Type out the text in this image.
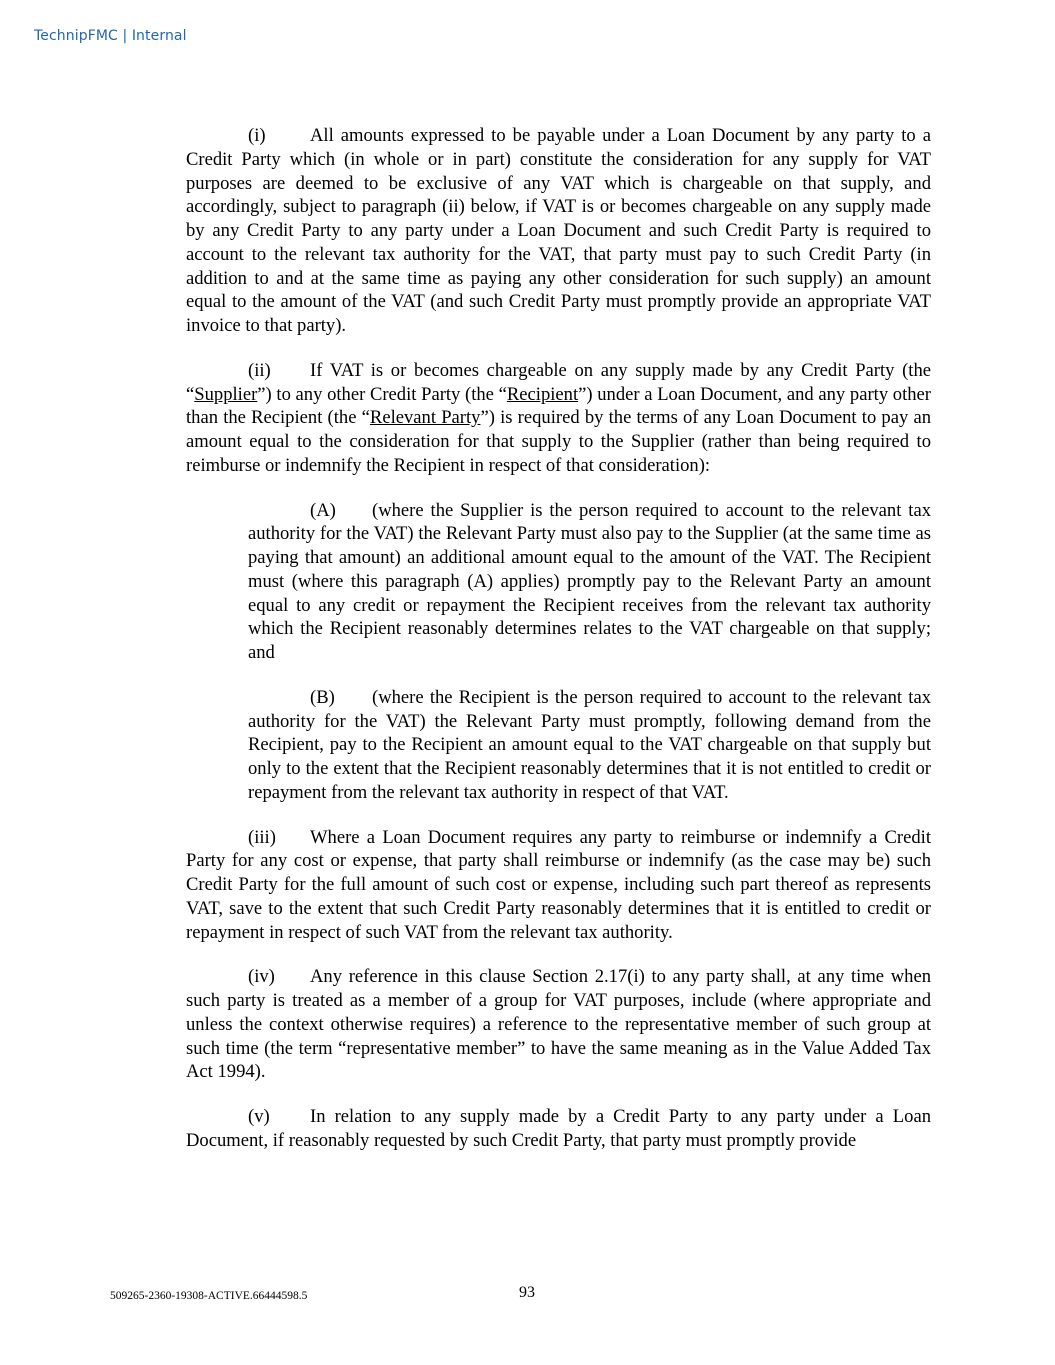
TechnipFMC | Internal

(i) All amounts expressed to be payable under a Loan Document by any party to a Credit Party which (in whole or in part) constitute the consideration for any supply for VAT purposes are deemed to be exclusive of any VAT which is chargeable on that supply, and accordingly, subject to paragraph (ii) below, if VAT is or becomes chargeable on any supply made by any Credit Party to any party under a Loan Document and such Credit Party is required to account to the relevant tax authority for the VAT, that party must pay to such Credit Party (in addition to and at the same time as paying any other consideration for such supply) an amount equal to the amount of the VAT (and such Credit Party must promptly provide an appropriate VAT invoice to that party).

(ii) If VAT is or becomes chargeable on any supply made by any Credit Party (the “Supplier”) to any other Credit Party (the “Recipient”) under a Loan Document, and any party other than the Recipient (the “Relevant Party”) is required by the terms of any Loan Document to pay an amount equal to the consideration for that supply to the Supplier (rather than being required to reimburse or indemnify the Recipient in respect of that consideration):

(A) (where the Supplier is the person required to account to the relevant tax authority for the VAT) the Relevant Party must also pay to the Supplier (at the same time as paying that amount) an additional amount equal to the amount of the VAT. The Recipient must (where this paragraph (A) applies) promptly pay to the Relevant Party an amount equal to any credit or repayment the Recipient receives from the relevant tax authority which the Recipient reasonably determines relates to the VAT chargeable on that supply; and

(B) (where the Recipient is the person required to account to the relevant tax authority for the VAT) the Relevant Party must promptly, following demand from the Recipient, pay to the Recipient an amount equal to the VAT chargeable on that supply but only to the extent that the Recipient reasonably determines that it is not entitled to credit or repayment from the relevant tax authority in respect of that VAT.

(iii) Where a Loan Document requires any party to reimburse or indemnify a Credit Party for any cost or expense, that party shall reimburse or indemnify (as the case may be) such Credit Party for the full amount of such cost or expense, including such part thereof as represents VAT, save to the extent that such Credit Party reasonably determines that it is entitled to credit or repayment in respect of such VAT from the relevant tax authority.

(iv) Any reference in this clause Section 2.17(i) to any party shall, at any time when such party is treated as a member of a group for VAT purposes, include (where appropriate and unless the context otherwise requires) a reference to the representative member of such group at such time (the term “representative member” to have the same meaning as in the Value Added Tax Act 1994).

(v) In relation to any supply made by a Credit Party to any party under a Loan Document, if reasonably requested by such Credit Party, that party must promptly provide

509265-2360-19308-ACTIVE.66444598.5	93
